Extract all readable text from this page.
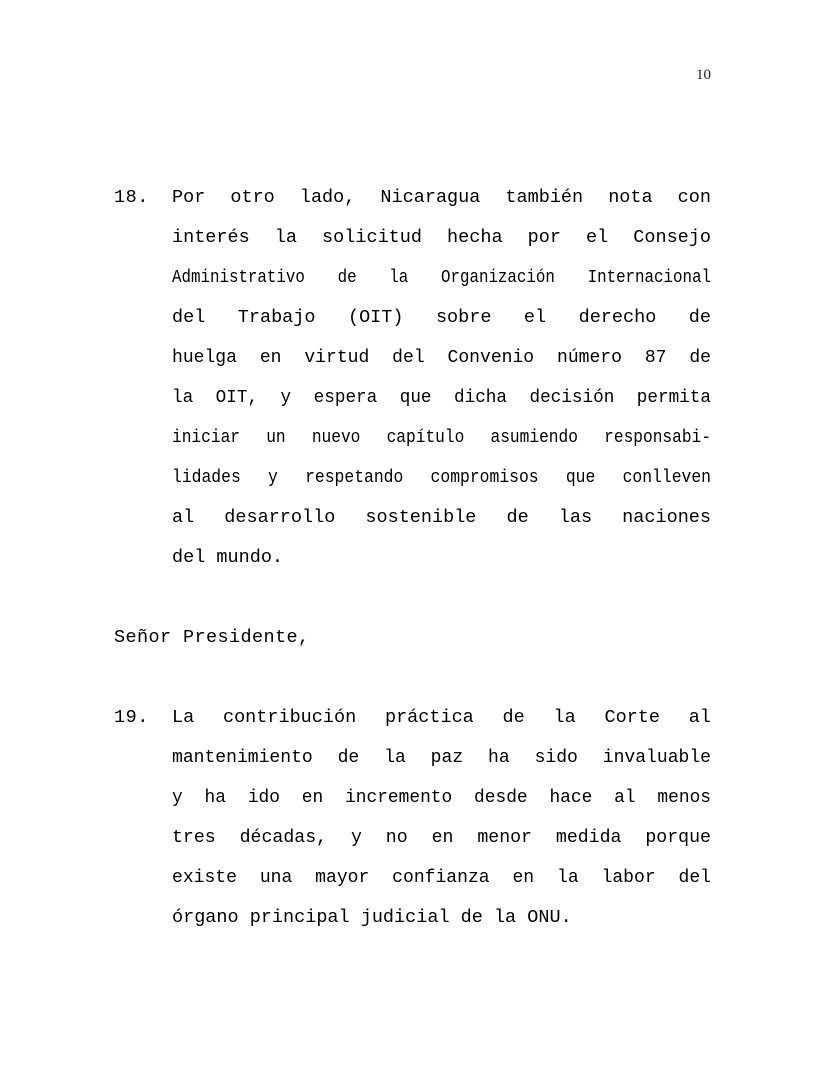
10
18.	Por otro lado, Nicaragua también nota con
interés la solicitud hecha por el Consejo
Administrativo de la Organización Internacional
del Trabajo (OIT) sobre el derecho de
huelga en virtud del Convenio número 87 de
la OIT, y espera que dicha decisión permita
iniciar un nuevo capítulo asumiendo responsabi-
lidades y respetando compromisos que conlleven
al desarrollo sostenible de las naciones
del mundo.
Señor Presidente,
19.	La contribución práctica de la Corte al
mantenimiento de la paz ha sido invaluable
y ha ido en incremento desde hace al menos
tres décadas, y no en menor medida porque
existe una mayor confianza en la labor del
órgano principal judicial de la ONU.
